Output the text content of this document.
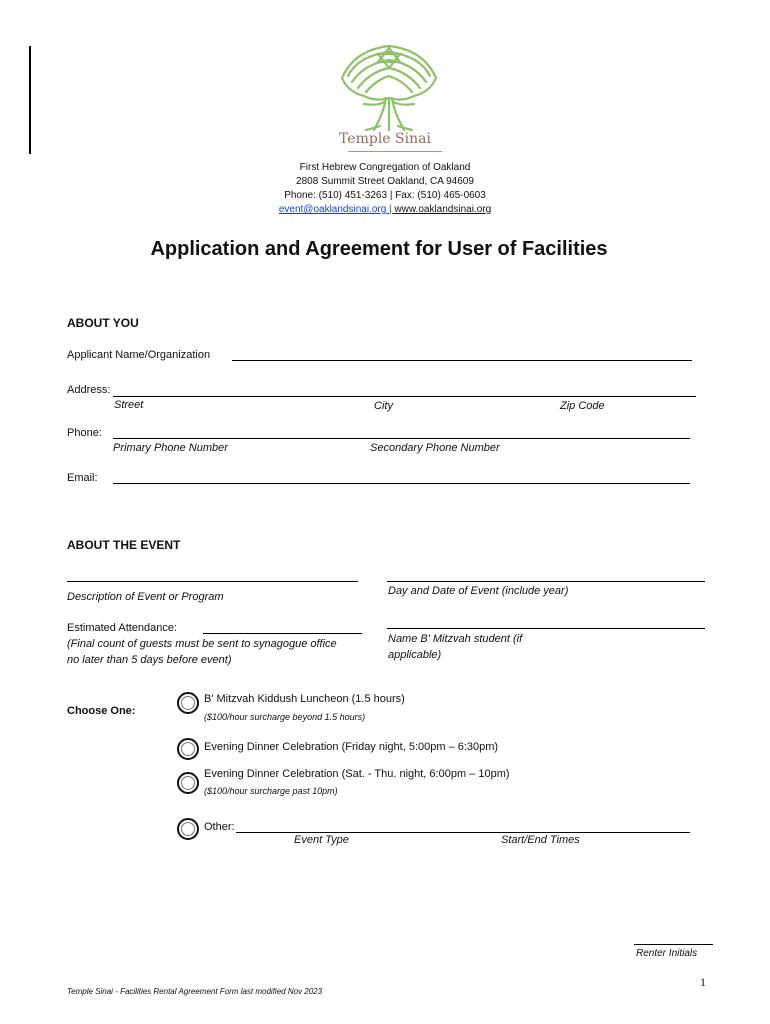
Temple Sinai
First Hebrew Congregation of Oakland
2808 Summit Street Oakland, CA 94609
Phone: (510) 451-3263 | Fax: (510) 465-0603
event@oaklandsinai.org | www.oaklandsinai.org
Application and Agreement for User of Facilities
ABOUT YOU
Applicant Name/Organization
Address:
Street	City	Zip Code
Phone:
Primary Phone Number	Secondary Phone Number
Email:
ABOUT THE EVENT
Description of Event or Program	Day and Date of Event (include year)
Estimated Attendance:
(Final count of guests must be sent to synagogue office
no later than 5 days before event)
Name B' Mitzvah student (if
applicable)
Choose One:
B' Mitzvah Kiddush Luncheon (1.5 hours)
($100/hour surcharge beyond 1.5 hours)
Evening Dinner Celebration (Friday night, 5:00pm – 6:30pm)
Evening Dinner Celebration (Sat. - Thu. night, 6:00pm – 10pm)
($100/hour surcharge past 10pm)
Other:
Event Type	Start/End Times
Renter Initials
1
Temple Sinai - Facilities Rental Agreement Form last modified Nov 2023
